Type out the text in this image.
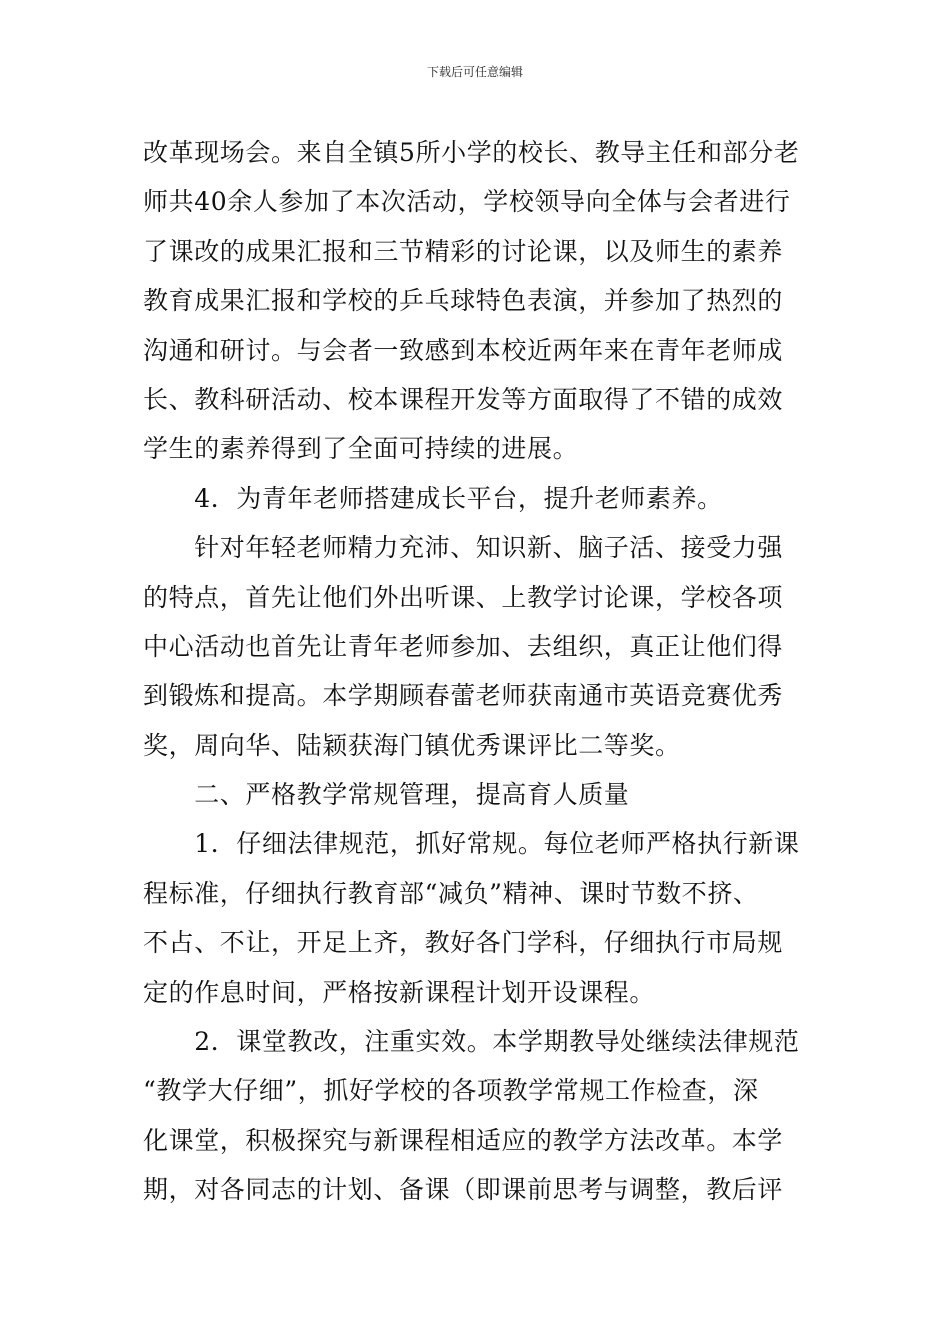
下载后可任意编辑
改革现场会。来自全镇5所小学的校长、教导主任和部分老
师共40余人参加了本次活动，学校领导向全体与会者进行
了课改的成果汇报和三节精彩的讨论课，以及师生的素养
教育成果汇报和学校的乒乓球特色表演，并参加了热烈的
沟通和研讨。与会者一致感到本校近两年来在青年老师成
长、教科研活动、校本课程开发等方面取得了不错的成效
学生的素养得到了全面可持续的进展。
　　4．为青年老师搭建成长平台，提升老师素养。
　　针对年轻老师精力充沛、知识新、脑子活、接受力强
的特点，首先让他们外出听课、上教学讨论课，学校各项
中心活动也首先让青年老师参加、去组织，真正让他们得
到锻炼和提高。本学期顾春蕾老师获南通市英语竞赛优秀
奖，周向华、陆颖获海门镇优秀课评比二等奖。
　　二、严格教学常规管理，提高育人质量
　　1．仔细法律规范，抓好常规。每位老师严格执行新课
程标准，仔细执行教育部“减负”精神、课时节数不挤、
不占、不让，开足上齐，教好各门学科，仔细执行市局规
定的作息时间，严格按新课程计划开设课程。
　　2．课堂教改，注重实效。本学期教导处继续法律规范
“教学大仔细”，抓好学校的各项教学常规工作检查，深
化课堂，积极探究与新课程相适应的教学方法改革。本学
期，对各同志的计划、备课（即课前思考与调整，教后评
